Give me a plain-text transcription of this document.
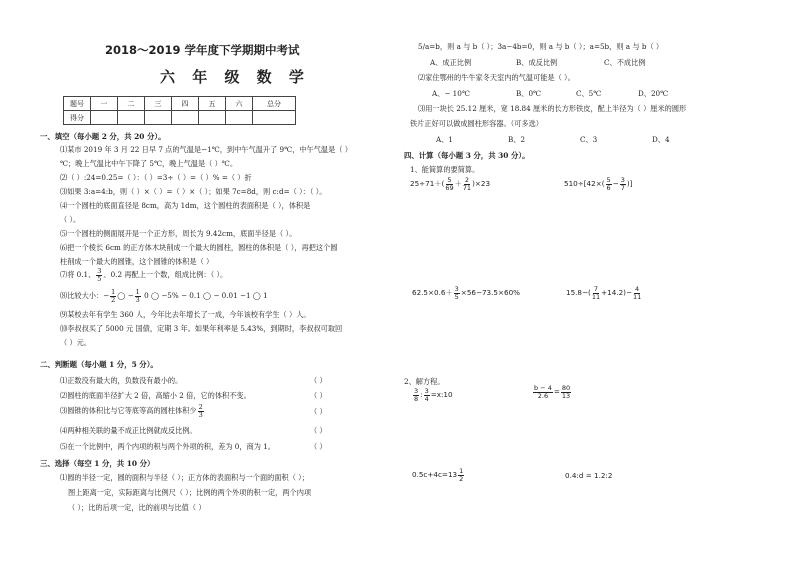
2018～2019 学年度下学期期中考试
六 年 级 数 学
题号	一	二	三	四	五	六	总分
得分							
一、填空（每小题 2 分，共 20 分）。
⑴某市 2019 年 3 月 22 日早 7 点的气温是−1℃，到中午气温升了 9℃，中午气温是（ ）
℃；晚上气温比中午下降了 5℃，晚上气温是（ ）℃。
⑵（ ）:24=0.25=（ ）：（ ）=3÷（ ）=（ ）% =（ ）折
⑶如果 3:a=4:b，则（ ）×（ ）=（ ）×（ ）；如果 7c=8d，则 c:d=（ ）：（ ）。
⑷一个圆柱的底面直径是 8cm，高为 1dm，这个圆柱的表面积是（ ），体积是
（ ）。
⑸一个圆柱的侧面展开是一个正方形，周长为 9.42cm，底面半径是（ ）。
⑹把一个棱长 6cm 的正方体木块削成一个最大的圆柱，圆柱的体积是（ ），再把这个圆
柱削成一个最大的圆锥，这个圆锥的体积是（ ）
⑺将 0.1、 $\frac{3}{5}$ 、0.2 再配上一个数，组成比例：（ ）。
⑻比较大小：− $\frac{1}{2}$ ◯ − $\frac{1}{3} 0$ ◯ −5% − 0.1 ◯ − 0.01 −1 ◯ 1
⑼某校去年有学生 360 人，今年比去年增长了一成，今年该校有学生（ ）人。
⑽李叔叔买了 5000 元 国债，定期 3 年。如果年利率是 5.43%，到期时，李叔叔可取回
（ ）元。
二、判断题（每小题 1 分，5 分）。
⑴正数没有最大的，负数没有最小的。	（ ）
⑵圆柱的底面半径扩大 2 倍，高缩小 2 倍，它的体积不变。	（ ）
⑶圆锥的体积比与它等底等高的圆柱体积少 $\frac{2}{3}$	（ ）
⑷两种相关联的量不成正比例就成反比例。	（ ）
⑸在一个比例中，两个内项的积与两个外项的积，差为 0，商为 1。	（ ）
三、选择（每空 1 分，共 10 分）
⑴圆的半径一定，圆的面积与半径（ ）；正方体的表面积与一个面的面积（ ）；
图上距离一定，实际距离与比例尺（ ）；比例的两个外项的积一定，两个内项
（ ）；比的后项一定，比的前项与比值（ ）
5/a=b，则 a 与 b（ ）；3a−4b=0，则 a 与 b（ ）；a=5b，则 a 与 b（ ）
A、成正比例	B、成反比例	C、不成比例
⑵家住鄂州的牛牛家冬天室内的气温可能是（ ）。
A、− 10℃	B、0℃	C、5℃	D、20℃
⑶用一块长 25.12 厘米，宽 18.84 厘米的长方形铁皮，配上半径为（ ）厘米的圆形
铁片正好可以做成圆柱形容器。（可多选）
A、1	B、2	C、3	D、4
四、计算（每小题 3 分，共 30 分）。
1、能简算的要简算。
$25\div 71+( \frac{5}{69} + \frac{2}{71} )\times 23$	$510\div[42\times( \frac{5}{6} - \frac{3}{7}$ )]
$62.5\times 0.6+ \frac{3}{5} \times 56-73.5\times 60\%$	$15.8-( \frac{7}{11} +14.2)- \frac{4}{11}$
2、解方程。
$\frac{3}{8}$ : $\frac{3}{4}$ =x:10	$\frac{b - 4}{2.6} = \frac{80}{13}$
$0.5c+4c=13 \frac{1}{2}$	0.4:d = 1.2:2
